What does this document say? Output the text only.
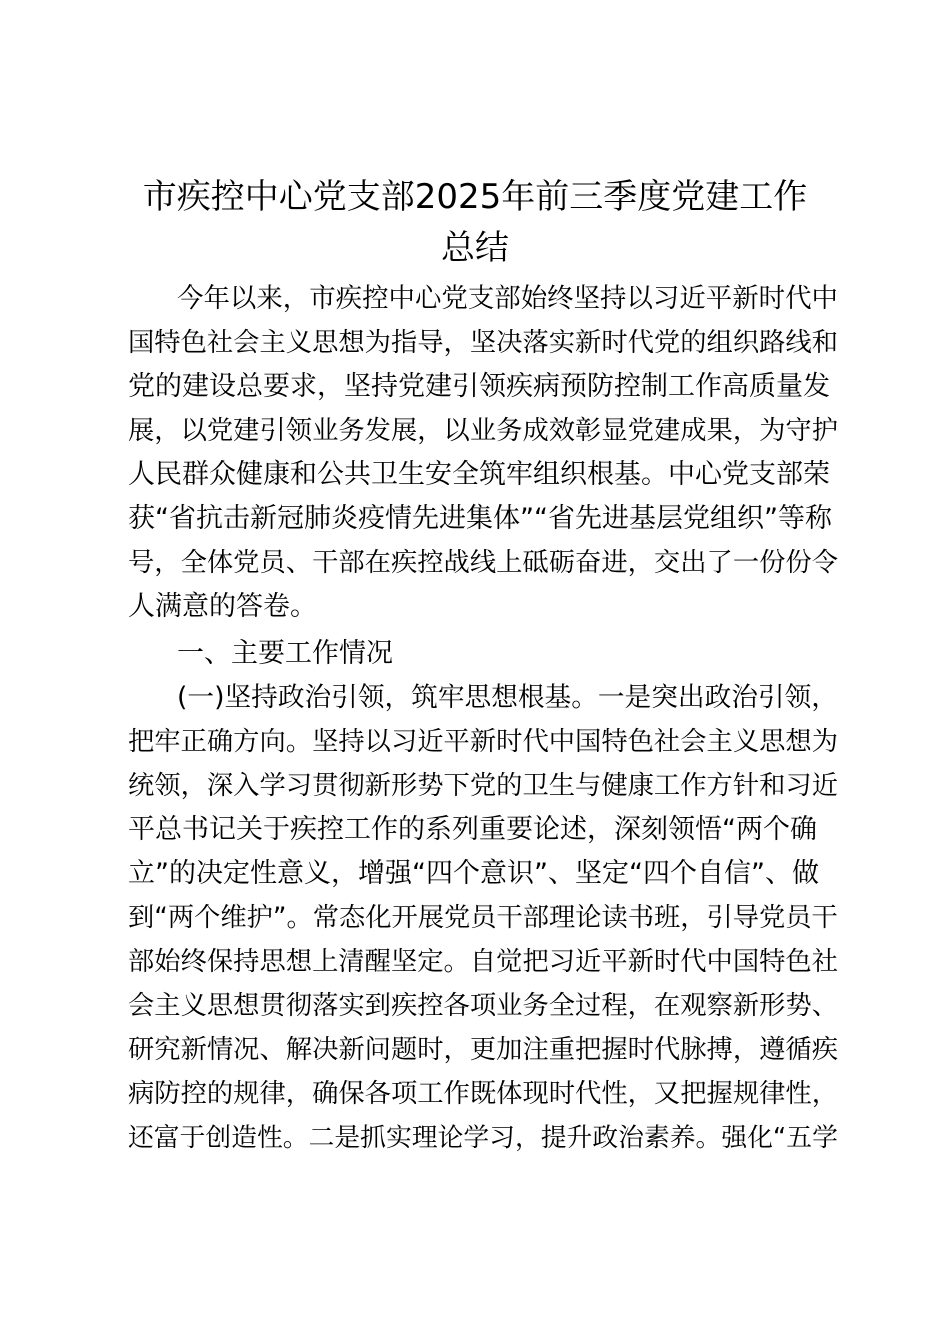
市疾控中心党支部2025年前三季度党建工作
总结
今年以来，市疾控中心党支部始终坚持以习近平新时代中
国特色社会主义思想为指导，坚决落实新时代党的组织路线和
党的建设总要求，坚持党建引领疾病预防控制工作高质量发
展，以党建引领业务发展，以业务成效彰显党建成果，为守护
人民群众健康和公共卫生安全筑牢组织根基。中心党支部荣
获“省抗击新冠肺炎疫情先进集体”“省先进基层党组织”等称
号，全体党员、干部在疾控战线上砥砺奋进，交出了一份份令
人满意的答卷。
一、主要工作情况
(一)坚持政治引领，筑牢思想根基。一是突出政治引领，
把牢正确方向。坚持以习近平新时代中国特色社会主义思想为
统领，深入学习贯彻新形势下党的卫生与健康工作方针和习近
平总书记关于疾控工作的系列重要论述，深刻领悟“两个确
立”的决定性意义，增强“四个意识”、坚定“四个自信”、做
到“两个维护”。常态化开展党员干部理论读书班，引导党员干
部始终保持思想上清醒坚定。自觉把习近平新时代中国特色社
会主义思想贯彻落实到疾控各项业务全过程，在观察新形势、
研究新情况、解决新问题时，更加注重把握时代脉搏，遵循疾
病防控的规律，确保各项工作既体现时代性，又把握规律性，
还富于创造性。二是抓实理论学习，提升政治素养。强化“五学
